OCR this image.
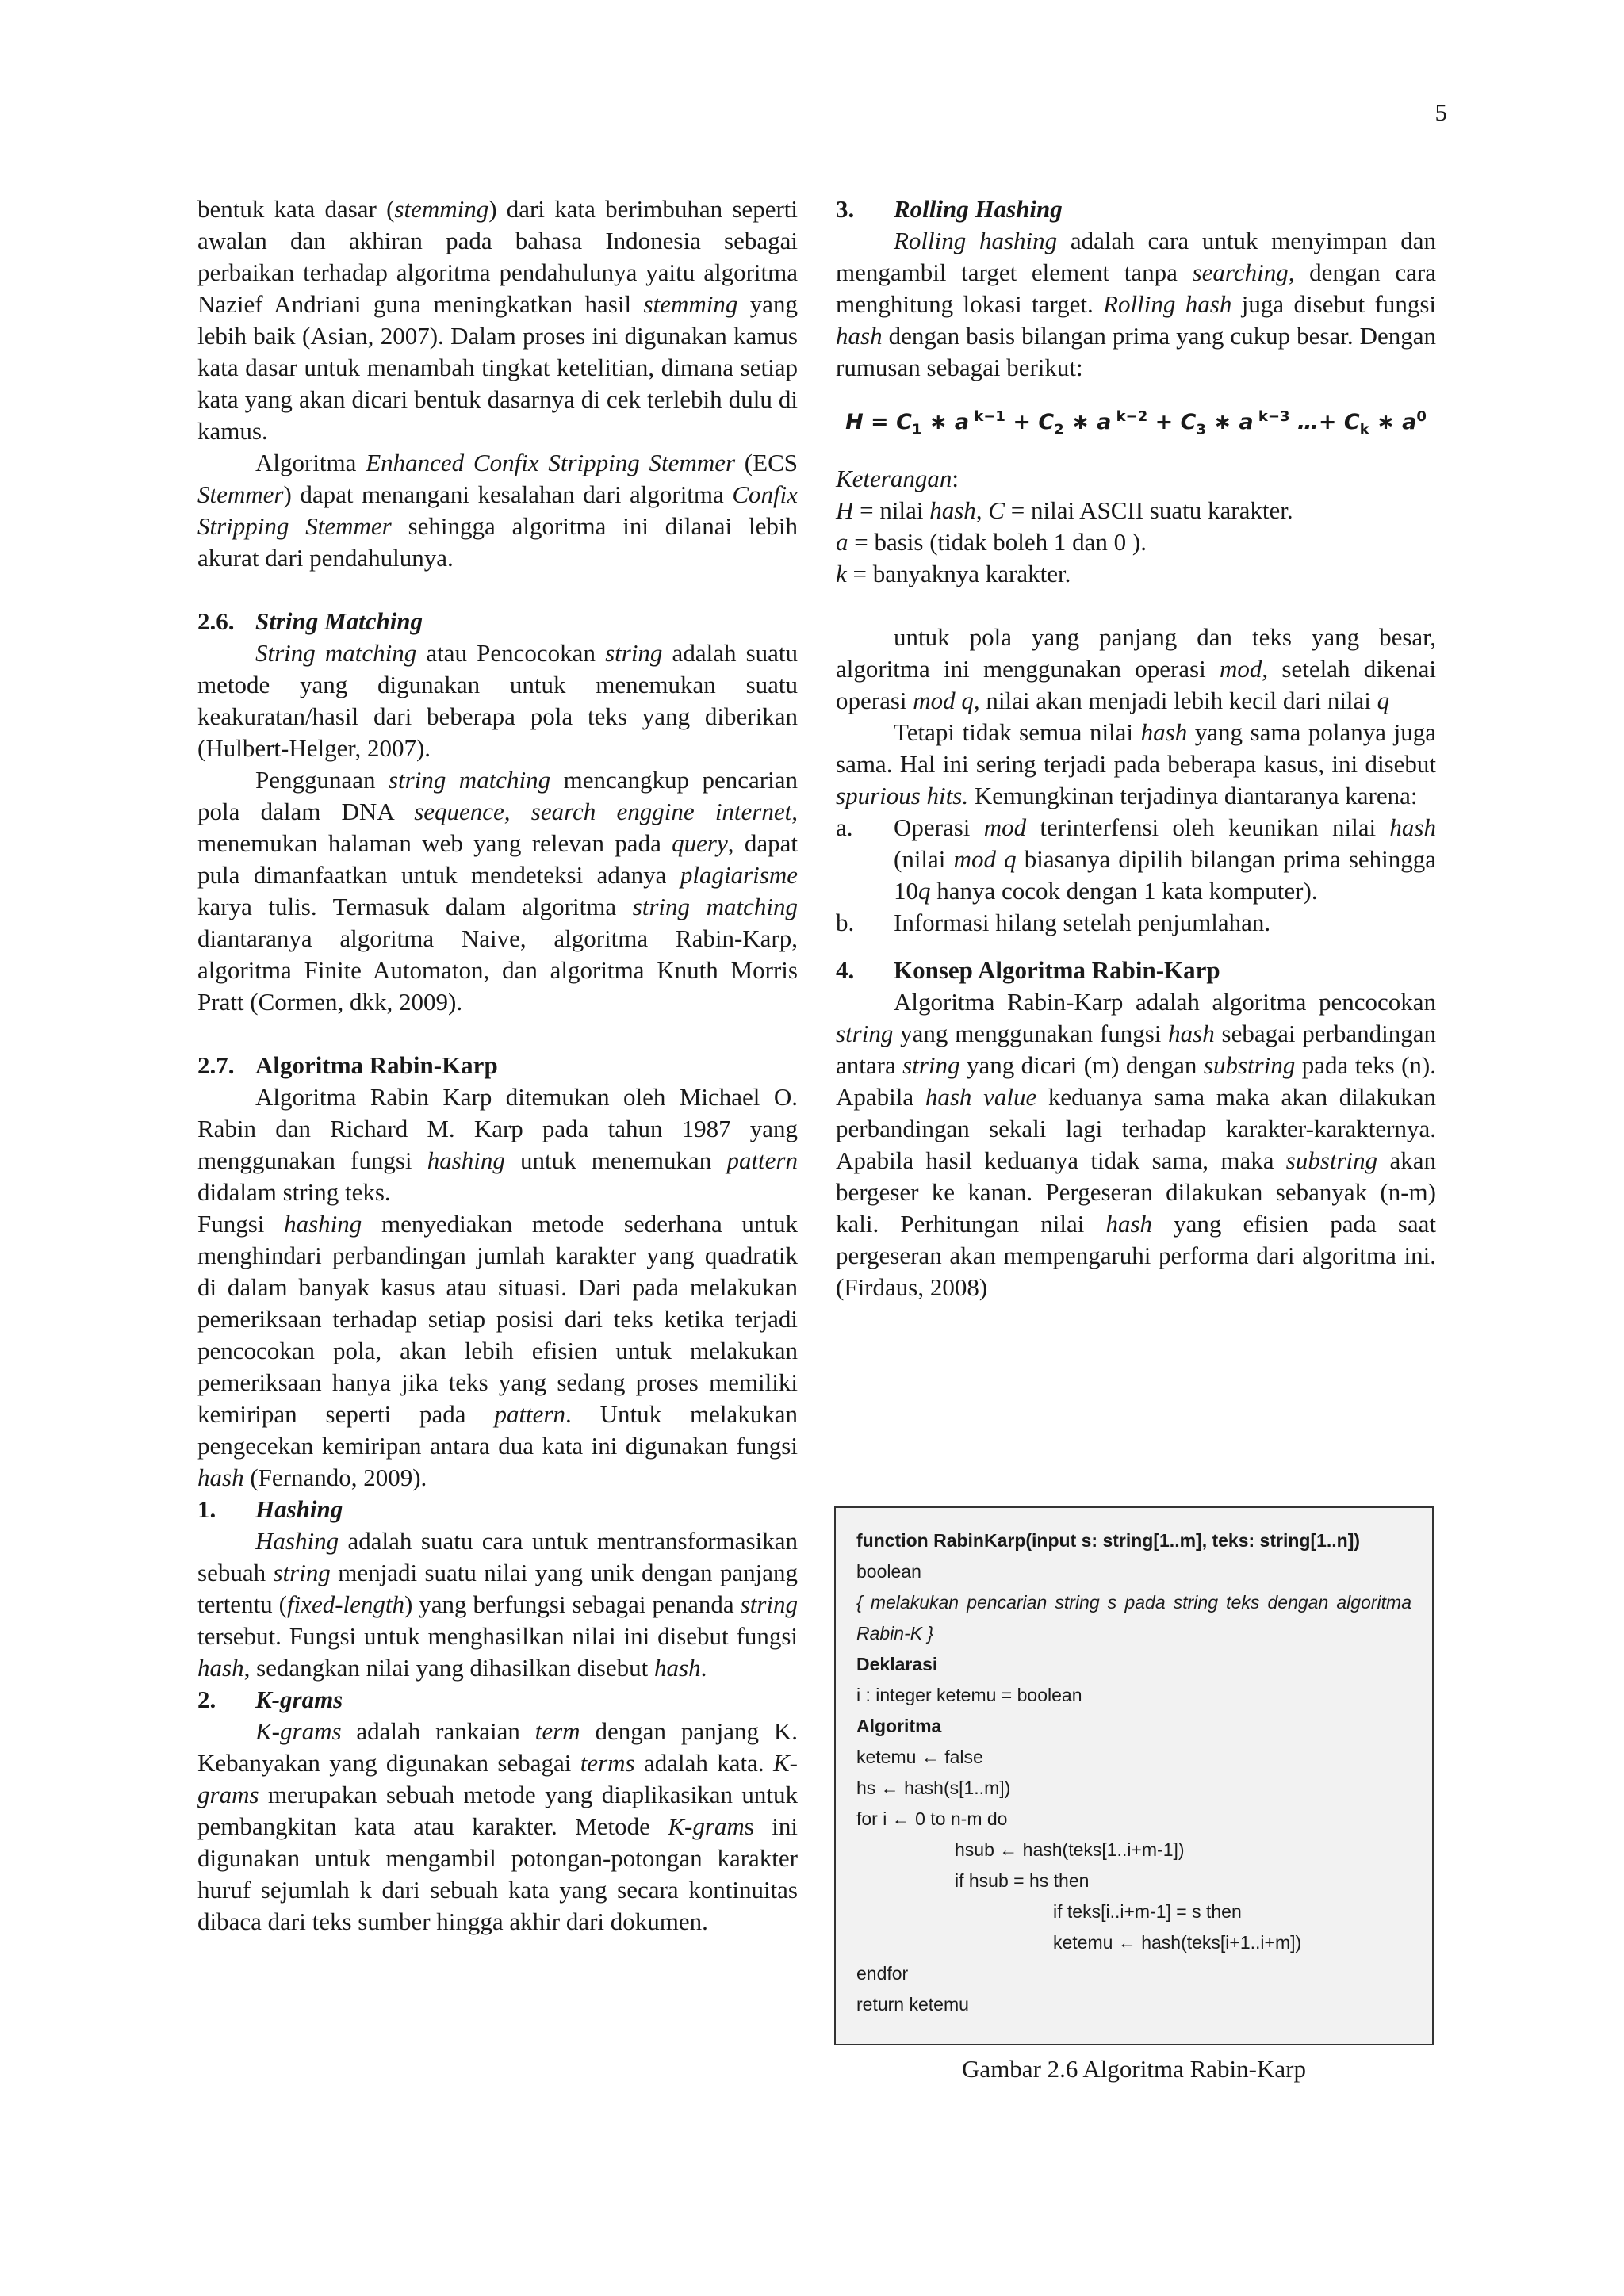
5

bentuk kata dasar (stemming) dari kata berimbuhan seperti awalan dan akhiran pada bahasa Indonesia sebagai perbaikan terhadap algoritma pendahulunya yaitu algoritma Nazief Andriani guna meningkatkan hasil stemming yang lebih baik (Asian, 2007). Dalam proses ini digunakan kamus kata dasar untuk menambah tingkat ketelitian, dimana setiap kata yang akan dicari bentuk dasarnya di cek terlebih dulu di kamus.

Algoritma Enhanced Confix Stripping Stemmer (ECS Stemmer) dapat menangani kesalahan dari algoritma Confix Stripping Stemmer sehingga algoritma ini dilanai lebih akurat dari pendahulunya.

2.6. String Matching

String matching atau Pencocokan string adalah suatu metode yang digunakan untuk menemukan suatu keakuratan/hasil dari beberapa pola teks yang diberikan (Hulbert-Helger, 2007).

Penggunaan string matching mencangkup pencarian pola dalam DNA sequence, search enggine internet, menemukan halaman web yang relevan pada query, dapat pula dimanfaatkan untuk mendeteksi adanya plagiarisme karya tulis. Termasuk dalam algoritma string matching diantaranya algoritma Naive, algoritma Rabin-Karp, algoritma Finite Automaton, dan algoritma Knuth Morris Pratt (Cormen, dkk, 2009).

2.7. Algoritma Rabin-Karp

Algoritma Rabin Karp ditemukan oleh Michael O. Rabin dan Richard M. Karp pada tahun 1987 yang menggunakan fungsi hashing untuk menemukan pattern didalam string teks.

Fungsi hashing menyediakan metode sederhana untuk menghindari perbandingan jumlah karakter yang quadratik di dalam banyak kasus atau situasi. Dari pada melakukan pemeriksaan terhadap setiap posisi dari teks ketika terjadi pencocokan pola, akan lebih efisien untuk melakukan pemeriksaan hanya jika teks yang sedang proses memiliki kemiripan seperti pada pattern. Untuk melakukan pengecekan kemiripan antara dua kata ini digunakan fungsi hash (Fernando, 2009).

1. Hashing

Hashing adalah suatu cara untuk mentransformasikan sebuah string menjadi suatu nilai yang unik dengan panjang tertentu (fixed-length) yang berfungsi sebagai penanda string tersebut. Fungsi untuk menghasilkan nilai ini disebut fungsi hash, sedangkan nilai yang dihasilkan disebut hash.

2. K-grams

K-grams adalah rankaian term dengan panjang K. Kebanyakan yang digunakan sebagai terms adalah kata. K-grams merupakan sebuah metode yang diaplikasikan untuk pembangkitan kata atau karakter. Metode K-grams ini digunakan untuk mengambil potongan-potongan karakter huruf sejumlah k dari sebuah kata yang secara kontinuitas dibaca dari teks sumber hingga akhir dari dokumen.

3. Rolling Hashing

Rolling hashing adalah cara untuk menyimpan dan mengambil target element tanpa searching, dengan cara menghitung lokasi target. Rolling hash juga disebut fungsi hash dengan basis bilangan prima yang cukup besar. Dengan rumusan sebagai berikut:

$H = C_1$ ∗ a $^{k-1} + C_2$ ∗ a $^{k-2} + C_3$ ∗ a $^{k-3}$ …+ $C_k$ ∗ $a^0$

Keterangan:

H = nilai hash, C = nilai ASCII suatu karakter.

a = basis (tidak boleh 1 dan 0 ).

k = banyaknya karakter.

untuk pola yang panjang dan teks yang besar, algoritma ini menggunakan operasi mod, setelah dikenai operasi mod q, nilai akan menjadi lebih kecil dari nilai q

Tetapi tidak semua nilai hash yang sama polanya juga sama. Hal ini sering terjadi pada beberapa kasus, ini disebut spurious hits. Kemungkinan terjadinya diantaranya karena:

a.	Operasi mod terinterfensi oleh keunikan nilai hash (nilai mod q biasanya dipilih bilangan prima sehingga 10q hanya cocok dengan 1 kata komputer).
b.	Informasi hilang setelah penjumlahan.
4. Konsep Algoritma Rabin-Karp

Algoritma Rabin-Karp adalah algoritma pencocokan string yang menggunakan fungsi hash sebagai perbandingan antara string yang dicari (m) dengan substring pada teks (n). Apabila hash value keduanya sama maka akan dilakukan perbandingan sekali lagi terhadap karakter-karakternya. Apabila hasil keduanya tidak sama, maka substring akan bergeser ke kanan. Pergeseran dilakukan sebanyak (n-m) kali. Perhitungan nilai hash yang efisien pada saat pergeseran akan mempengaruhi performa dari algoritma ini. (Firdaus, 2008)

function RabinKarp(input s: string[1..m], teks: string[1..n])
boolean
{ melakukan pencarian string s pada string teks dengan algoritma Rabin-K }
Deklarasi
i : integer ketemu = boolean
Algoritma
ketemu ← false
hs ← hash(s[1..m])
for i ← 0 to n-m do
hsub ← hash(teks[1..i+m-1])
if hsub = hs then
if teks[i..i+m-1] = s then
ketemu ← hash(teks[i+1..i+m])
endfor
return ketemu
Gambar 2.6 Algoritma Rabin-Karp
